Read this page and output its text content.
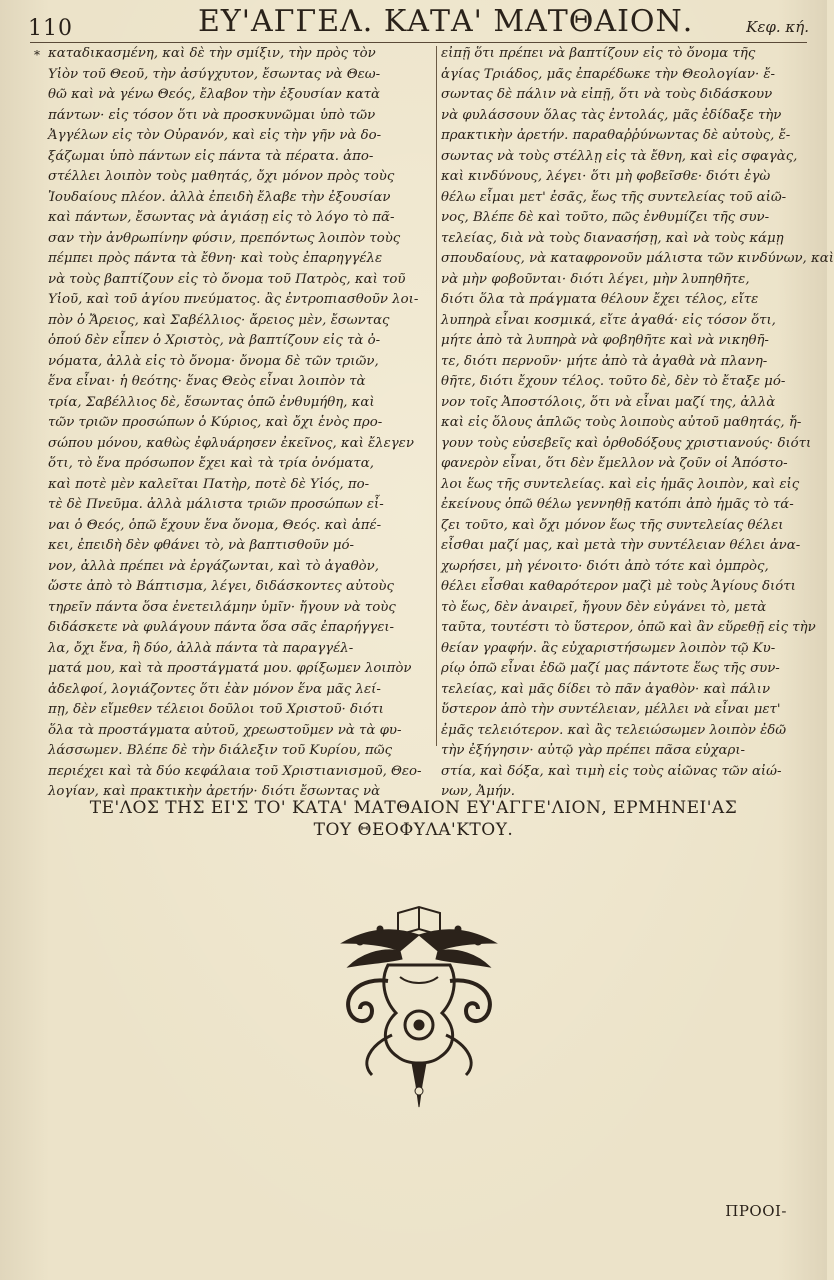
110	ΕΥ'ΑΓΓΕΛ. ΚΑΤΑ' ΜΑΤΘΑΙΟΝ.	Κεφ. κή.
* καταδικασμένη, καὶ δὲ τὴν σμίξιν, τὴν πρὸς τὸν
Υἱὸν τοῦ Θεοῦ, τὴν ἀσύγχυτον, ἔσωντας νὰ Θεω-
θῶ καὶ νὰ γένω Θεός, ἔλαβον τὴν ἐξουσίαν κατὰ
πάντων· εἰς τόσον ὅτι νὰ προσκυνῶμαι ὑπὸ τῶν
Ἀγγέλων εἰς τὸν Οὐρανόν, καὶ εἰς τὴν γῆν νὰ δο-
ξάζωμαι ὑπὸ πάντων εἰς πάντα τὰ πέρατα. ἀπο-
στέλλει λοιπὸν τοὺς μαθητάς, ὄχι μόνον πρὸς τοὺς
Ἰουδαίους πλέον. ἀλλὰ ἐπειδὴ ἔλαβε τὴν ἐξουσίαν
καὶ πάντων, ἔσωντας νὰ ἁγιάσῃ εἰς τὸ λόγο τὸ πᾶ-
σαν τὴν ἀνθρωπίνην φύσιν, πρεπόντως λοιπὸν τοὺς
πέμπει πρὸς πάντα τὰ ἔθνη· καὶ τοὺς ἐπαρηγγέλε
νὰ τοὺς βαπτίζουν εἰς τὸ ὄνομα τοῦ Πατρὸς, καὶ τοῦ
Υἱοῦ, καὶ τοῦ ἁγίου πνεύματος. ἂς ἐντροπιασθοῦν λοι-
πὸν ὁ Ἄρειος, καὶ Σαβέλλιος· ἄρειος μὲν, ἔσωντας
ὁπού δὲν εἶπεν ὁ Χριστὸς, νὰ βαπτίζουν εἰς τὰ ὀ-
νόματα, ἀλλὰ εἰς τὸ ὄνομα· ὄνομα δὲ τῶν τριῶν,
ἕνα εἶναι· ἡ θεότης· ἕνας Θεὸς εἶναι λοιπὸν τὰ
τρία, Σαβέλλιος δὲ, ἔσωντας ὁπῶ ἐνθυμήθη, καὶ
τῶν τριῶν προσώπων ὁ Κύριος, καὶ ὄχι ἑνὸς προ-
σώπου μόνου, καθὼς ἐφλυάρησεν ἐκεῖνος, καὶ ἔλεγεν
ὅτι, τὸ ἕνα πρόσωπον ἔχει καὶ τὰ τρία ὀνόματα,
καὶ ποτὲ μὲν καλεῖται Πατὴρ, ποτὲ δὲ Υἱός, πο-
τὲ δὲ Πνεῦμα. ἀλλὰ μάλιστα τριῶν προσώπων εἶ-
ναι ὁ Θεός, ὁπῶ ἔχουν ἕνα ὄνομα, Θεός. καὶ ἀπέ-
κει, ἐπειδὴ δὲν φθάνει τὸ, νὰ βαπτισθοῦν μό-
νον, ἀλλὰ πρέπει νὰ ἐργάζωνται, καὶ τὸ ἀγαθὸν,
ὥστε ἀπὸ τὸ Βάπτισμα, λέγει, διδάσκοντες αὐτοὺς
τηρεῖν πάντα ὅσα ἐνετειλάμην ὑμῖν· ἤγουν νὰ τοὺς
διδάσκετε νὰ φυλάγουν πάντα ὅσα σᾶς ἐπαρήγγει-
λα, ὄχι ἕνα, ἢ δύο, ἀλλὰ πάντα τὰ παραγγέλ-
ματά μου, καὶ τὰ προστάγματά μου. φρίξωμεν λοιπὸν
ἀδελφοί, λογιάζοντες ὅτι ἐὰν μόνον ἕνα μᾶς λεί-
πῃ, δὲν εἴμεθεν τέλειοι δοῦλοι τοῦ Χριστοῦ· διότι
ὅλα τὰ προστάγματα αὐτοῦ, χρεωστοῦμεν νὰ τὰ φυ-
λάσσωμεν. Βλέπε δὲ τὴν διάλεξιν τοῦ Κυρίου, πῶς
περιέχει καὶ τὰ δύο κεφάλαια τοῦ Χριστιανισμοῦ, Θεο-
λογίαν, καὶ πρακτικὴν ἀρετήν· διότι ἔσωντας νὰ
εἰπῇ ὅτι πρέπει νὰ βαπτίζουν εἰς τὸ ὄνομα τῆς
ἁγίας Τριάδος, μᾶς ἐπαρέδωκε τὴν Θεολογίαν· ἔ-
σωντας δὲ πάλιν νὰ εἰπῇ, ὅτι νὰ τοὺς διδάσκουν
νὰ φυλάσσουν ὅλας τὰς ἐντολάς, μᾶς ἐδίδαξε τὴν
πρακτικὴν ἀρετήν. παραθαῤῥύνωντας δὲ αὐτοὺς, ἔ-
σωντας νὰ τοὺς στέλλῃ εἰς τὰ ἔθνη, καὶ εἰς σφαγὰς,
καὶ κινδύνους, λέγει· ὅτι μὴ φοβεῖσθε· διότι ἐγὼ
θέλω εἶμαι μετ' ἐσᾶς, ἕως τῆς συντελείας τοῦ αἰῶ-
νος, Βλέπε δὲ καὶ τοῦτο, πῶς ἐνθυμίζει τῆς συν-
τελείας, διὰ νὰ τοὺς διανασήσῃ, καὶ νὰ τοὺς κάμῃ
σπουδαίους, νὰ καταφρονοῦν μάλιστα τῶν κινδύνων, καὶ
νὰ μὴν φοβοῦνται· διότι λέγει, μὴν λυπηθῆτε,
διότι ὅλα τὰ πράγματα θέλουν ἔχει τέλος, εἴτε
λυπηρὰ εἶναι κοσμικά, εἴτε ἀγαθά· εἰς τόσον ὅτι,
μήτε ἀπὸ τὰ λυπηρὰ νὰ φοβηθῆτε καὶ νὰ νικηθῆ-
τε, διότι περνοῦν· μήτε ἀπὸ τὰ ἀγαθὰ νὰ πλανη-
θῆτε, διότι ἔχουν τέλος. τοῦτο δὲ, δὲν τὸ ἔταξε μό-
νον τοῖς Ἀποστόλοις, ὅτι νὰ εἶναι μαζί της, ἀλλὰ
καὶ εἰς ὅλους ἁπλῶς τοὺς λοιποὺς αὐτοῦ μαθητάς, ἤ-
γουν τοὺς εὐσεβεῖς καὶ ὀρθοδόξους χριστιανούς· διότι
φανερὸν εἶναι, ὅτι δὲν ἔμελλον νὰ ζοῦν οἱ Ἀπόστο-
λοι ἕως τῆς συντελείας. καὶ εἰς ἡμᾶς λοιπὸν, καὶ εἰς
ἐκείνους ὁπῶ θέλω γεννηθῇ κατόπι ἀπὸ ἡμᾶς τὸ τά-
ζει τοῦτο, καὶ ὄχι μόνον ἕως τῆς συντελείας θέλει
εἶσθαι μαζί μας, καὶ μετὰ τὴν συντέλειαν θέλει ἀνα-
χωρήσει, μὴ γένοιτο· διότι ἀπὸ τότε καὶ ὀμπρὸς,
θέλει εἶσθαι καθαρότερον μαζὶ μὲ τοὺς Ἁγίους διότι
τὸ ἕως, δὲν ἀναιρεῖ, ἤγουν δὲν εὐγάνει τὸ, μετὰ
ταῦτα, τουτέστι τὸ ὕστερον, ὁπῶ καὶ ἂν εὕρεθῇ εἰς τὴν
θείαν γραφήν. ἂς εὐχαριστήσωμεν λοιπὸν τῷ Κυ-
ρίῳ ὁπῶ εἶναι ἐδῶ μαζί μας πάντοτε ἕως τῆς συν-
τελείας, καὶ μᾶς δίδει τὸ πᾶν ἀγαθὸν· καὶ πάλιν
ὕστερον ἀπὸ τὴν συντέλειαν, μέλλει νὰ εἶναι μετ'
ἐμᾶς τελειότερον. καὶ ἂς τελειώσωμεν λοιπὸν ἐδῶ
τὴν ἐξήγησιν· αὐτῷ γὰρ πρέπει πᾶσα εὐχαρι-
στία, καὶ δόξα, καὶ τιμὴ εἰς τοὺς αἰῶνας τῶν αἰώ-
νων, Ἀμήν.
ΤΕ'ΛΟΣ ΤΗΣ ΕΙ'Σ ΤΟ' ΚΑΤΑ' ΜΑΤΘΑΙΟΝ ΕΥ'ΑΓΓΕ'ΛΙΟΝ, ΕΡΜΗΝΕΙ'ΑΣ
ΤΟΥ ΘΕΟΦΥΛΑ'ΚΤΟΥ.
ΠΡΟΟΙ-
